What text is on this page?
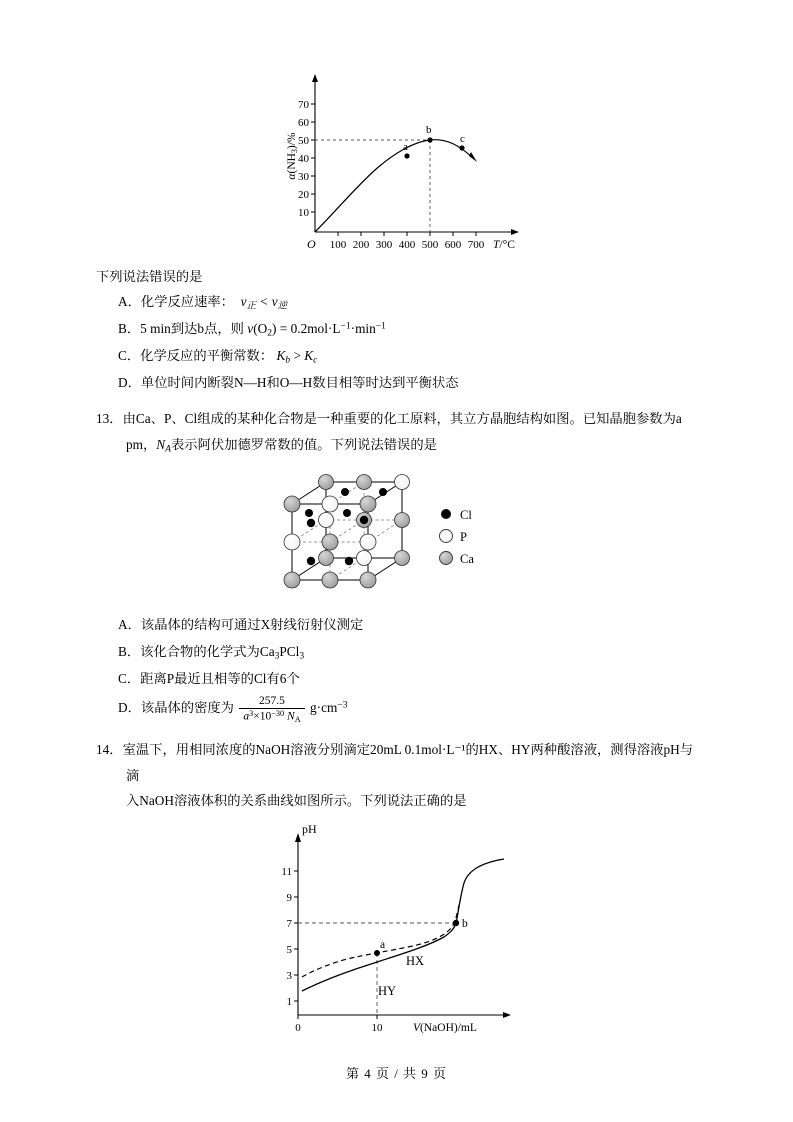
10
20
30
40
50
60
70
α(NH3)/%
100 200 300 400 500 600 700
O	T/°C
a
b
c
下列说法错误的是
A．化学反应速率：  $v_正 < v_逆$
B．5 min到达b点，则 $v(O_2) = 0.2mol\cdot L^{-1}\cdot\min^{-1}$
C．化学反应的平衡常数： $K_b > K_c$
D．单位时间内断裂N—H和O—H数目相等时达到平衡状态
13．由Ca、P、Cl组成的某种化合物是一种重要的化工原料，其立方晶胞结构如图。已知晶胞参数为a
pm，$N_A$表示阿伏加德罗常数的值。下列说法错误的是
Cl
P
Ca
A．该晶体的结构可通过X射线衍射仪测定
B．该化合物的化学式为$Ca_3PCl_3$
C．距离P最近且相等的Cl有6个
D．该晶体的密度为 $\frac{257.5}{a^3\times 10^{-30} N_A} g\cdot cm^{-3}$
14．室温下，用相同浓度的NaOH溶液分别滴定20mL 0.1mol·L⁻¹的HX、HY两种酸溶液，测得溶液pH与滴
入NaOH溶液体积的关系曲线如图所示。下列说法正确的是
1
3
5
7
9
11
pH
0	10	V(NaOH)/mL
a
b
HX
HY
第 4 页 / 共 9 页
